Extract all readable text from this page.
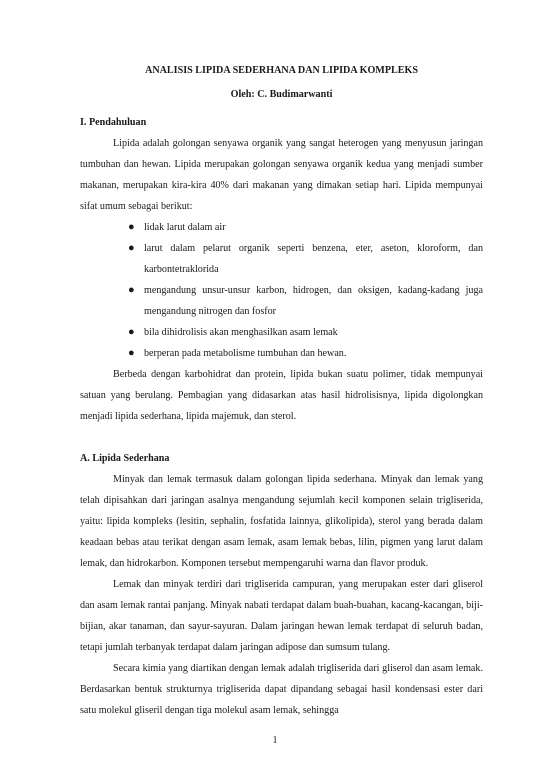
ANALISIS LIPIDA SEDERHANA DAN LIPIDA KOMPLEKS

Oleh: C. Budimarwanti

I. Pendahuluan

Lipida adalah golongan senyawa organik yang sangat heterogen yang menyusun jaringan tumbuhan dan hewan. Lipida merupakan golongan senyawa organik kedua yang menjadi sumber makanan, merupakan kira-kira 40% dari makanan yang dimakan setiap hari. Lipida mempunyai sifat umum sebagai berikut:

● lidak larut dalam air
● larut dalam pelarut organik seperti benzena, eter, aseton, kloroform, dan karbontetraklorida
● mengandung unsur-unsur karbon, hidrogen, dan oksigen, kadang-kadang juga mengandung nitrogen dan fosfor
● bila dihidrolisis akan menghasilkan asam lemak
● berperan pada metabolisme tumbuhan dan hewan.

Berbeda dengan karbohidrat dan protein, lipida bukan suatu polimer, tidak mempunyai satuan yang berulang. Pembagian yang didasarkan atas hasil hidrolisisnya, lipida digolongkan menjadi lipida sederhana, lipida majemuk, dan sterol.

A. Lipida Sederhana

Minyak dan lemak termasuk dalam golongan lipida sederhana. Minyak dan lemak yang telah dipisahkan dari jaringan asalnya mengandung sejumlah kecil komponen selain trigliserida, yaitu: lipida kompleks (lesitin, sephalin, fosfatida lainnya, glikolipida), sterol yang berada dalam keadaan bebas atau terikat dengan asam lemak, asam lemak bebas, lilin, pigmen yang larut dalam lemak, dan hidrokarbon. Komponen tersebut mempengaruhi warna dan flavor produk.

Lemak dan minyak terdiri dari trigliserida campuran, yang merupakan ester dari gliserol dan asam lemak rantai panjang. Minyak nabati terdapat dalam buah-buahan, kacang-kacangan, biji-bijian, akar tanaman, dan sayur-sayuran. Dalam jaringan hewan lemak terdapat di seluruh badan, tetapi jumlah terbanyak terdapat dalam jaringan adipose dan sumsum tulang.

Secara kimia yang diartikan dengan lemak adalah trigliserida dari gliserol dan asam lemak. Berdasarkan bentuk strukturnya trigliserida dapat dipandang sebagai hasil kondensasi ester dari satu molekul gliseril dengan tiga molekul asam lemak, sehingga

1
